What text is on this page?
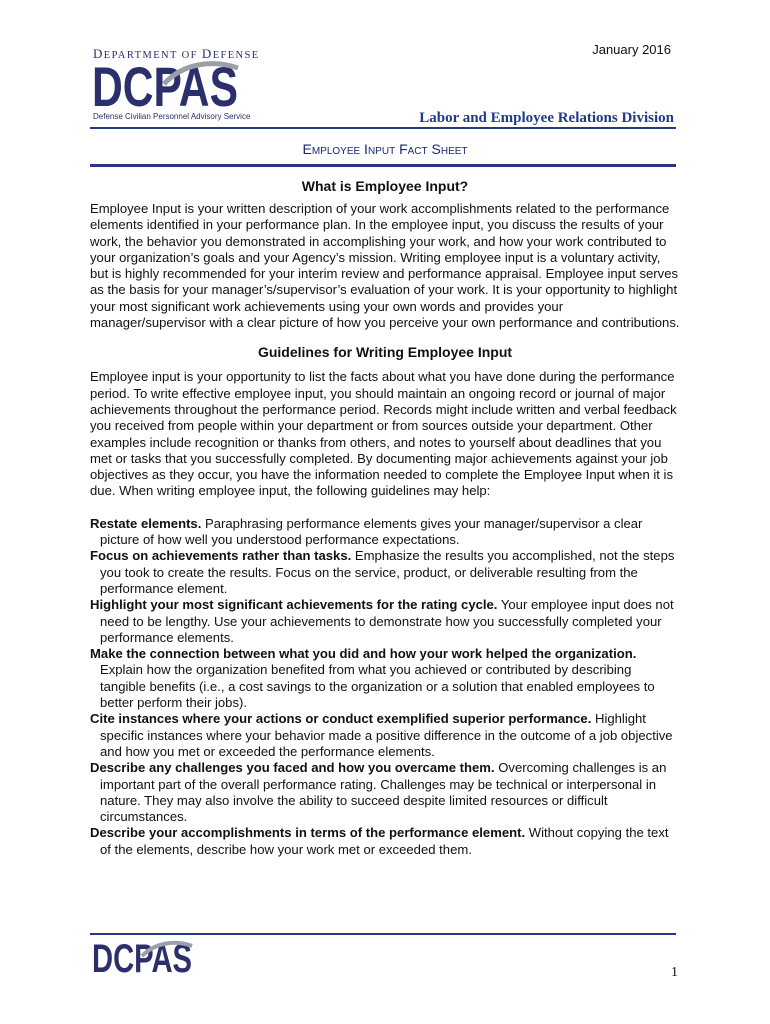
January 2016
DEPARTMENT OF DEFENSE
DCPAS
Defense Civilian Personnel Advisory Service	Labor and Employee Relations Division
Employee Input Fact Sheet
What is Employee Input?

Employee Input is your written description of your work accomplishments related to the performance elements identified in your performance plan. In the employee input, you discuss the results of your work, the behavior you demonstrated in accomplishing your work, and how your work contributed to your organization’s goals and your Agency’s mission. Writing employee input is a voluntary activity, but is highly recommended for your interim review and performance appraisal. Employee input serves as the basis for your manager’s/supervisor’s evaluation of your work. It is your opportunity to highlight your most significant work achievements using your own words and provides your manager/supervisor with a clear picture of how you perceive your own performance and contributions.

Guidelines for Writing Employee Input

Employee input is your opportunity to list the facts about what you have done during the performance period. To write effective employee input, you should maintain an ongoing record or journal of major achievements throughout the performance period. Records might include written and verbal feedback you received from people within your department or from sources outside your department. Other examples include recognition or thanks from others, and notes to yourself about deadlines that you met or tasks that you successfully completed. By documenting major achievements against your job objectives as they occur, you have the information needed to complete the Employee Input when it is due. When writing employee input, the following guidelines may help:

Restate elements. Paraphrasing performance elements gives your manager/supervisor a clear picture of how well you understood performance expectations.
Focus on achievements rather than tasks. Emphasize the results you accomplished, not the steps you took to create the results. Focus on the service, product, or deliverable resulting from the performance element.
Highlight your most significant achievements for the rating cycle. Your employee input does not need to be lengthy. Use your achievements to demonstrate how you successfully completed your performance elements.
Make the connection between what you did and how your work helped the organization. Explain how the organization benefited from what you achieved or contributed by describing tangible benefits (i.e., a cost savings to the organization or a solution that enabled employees to better perform their jobs).
Cite instances where your actions or conduct exemplified superior performance. Highlight specific instances where your behavior made a positive difference in the outcome of a job objective and how you met or exceeded the performance elements.
Describe any challenges you faced and how you overcame them. Overcoming challenges is an important part of the overall performance rating. Challenges may be technical or interpersonal in nature. They may also involve the ability to succeed despite limited resources or difficult circumstances.
Describe your accomplishments in terms of the performance element. Without copying the text of the elements, describe how your work met or exceeded them.
DCPAS	1
